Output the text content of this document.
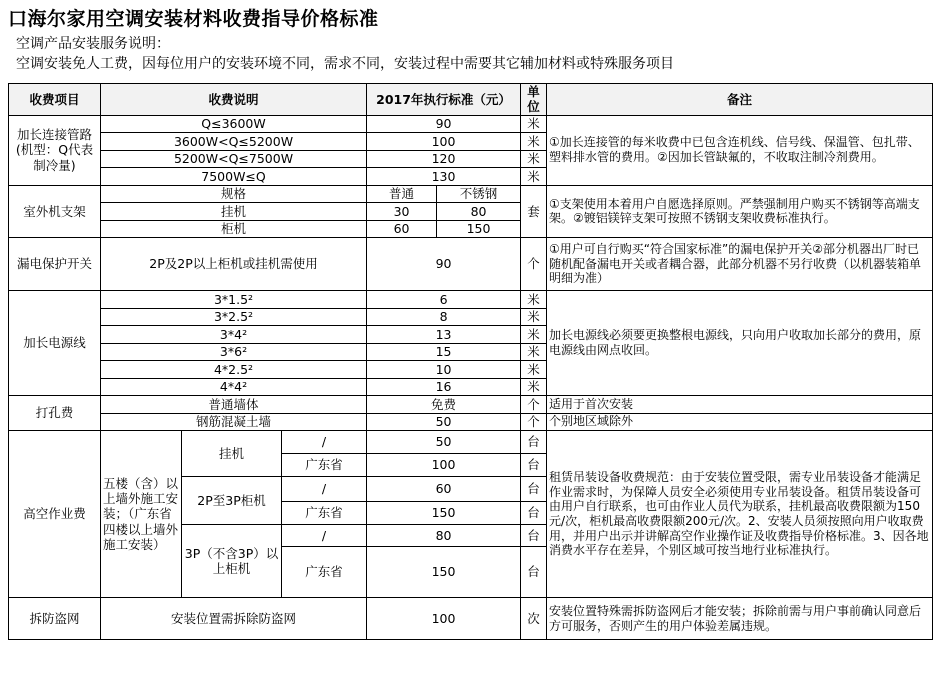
口海尔家用空调安装材料收费指导价格标准
空调产品安装服务说明：
空调安装免人工费，因每位用户的安装环境不同，需求不同，安装过程中需要其它辅加材料或特殊服务项目
收费项目	收费说明			2017年执行标准（元）		单位	备注
加长连接管路(机型：Q代表制冷量)	Q≤3600W			90		米	①加长连接管的每米收费中已包含连机线、信号线、保温管、包扎带、塑料排水管的费用。②因加长管缺氟的，不收取注制冷剂费用。
	3600W<Q≤5200W			100		米	
	5200W<Q≤7500W			120		米	
	7500W≤Q			130		米	
室外机支架	规格			普通	不锈钢	套	①支架使用本着用户自愿选择原则。严禁强制用户购买不锈钢等高端支架。②镀铝镁锌支架可按照不锈钢支架收费标准执行。
	挂机			30	80		
	柜机			60	150		
漏电保护开关	2P及2P以上柜机或挂机需使用			90		个	①用户可自行购买“符合国家标准”的漏电保护开关②部分机器出厂时已随机配备漏电开关或者耦合器，此部分机器不另行收费（以机器装箱单明细为准）
加长电源线	3*1.5²			6		米	加长电源线必须要更换整根电源线，只向用户收取加长部分的费用，原电源线由网点收回。
	3*2.5²			8		米	
	3*4²			13		米	
	3*6²			15		米	
	4*2.5²			10		米	
	4*4²			16		米	
打孔费	普通墙体			免费		个	适用于首次安装
	钢筋混凝土墙			50		个	个别地区域除外
高空作业费	五楼（含）以上墙外施工安装；（广东省四楼以上墙外施工安装）	挂机	/	50		台	租赁吊装设备收费规范：由于安装位置受限，需专业吊装设备才能满足作业需求时，为保障人员安全必须使用专业吊装设备。租赁吊装设备可由用户自行联系，也可由作业人员代为联系，挂机最高收费限额为150元/次，柜机最高收费限额200元/次。2、安装人员须按照向用户收取费用，并用户出示并讲解高空作业操作证及收费指导价格标准。3、因各地消费水平存在差异，个别区域可按当地行业标准执行。
			广东省	100		台	
		2P至3P柜机	/	60		台	
			广东省	150		台	
		3P（不含3P）以上柜机	/	80		台	
			广东省	150		台	
拆防盗网	安装位置需拆除防盗网			100		次	安装位置特殊需拆防盗网后才能安装；拆除前需与用户事前确认同意后方可服务，否则产生的用户体验差属违规。
